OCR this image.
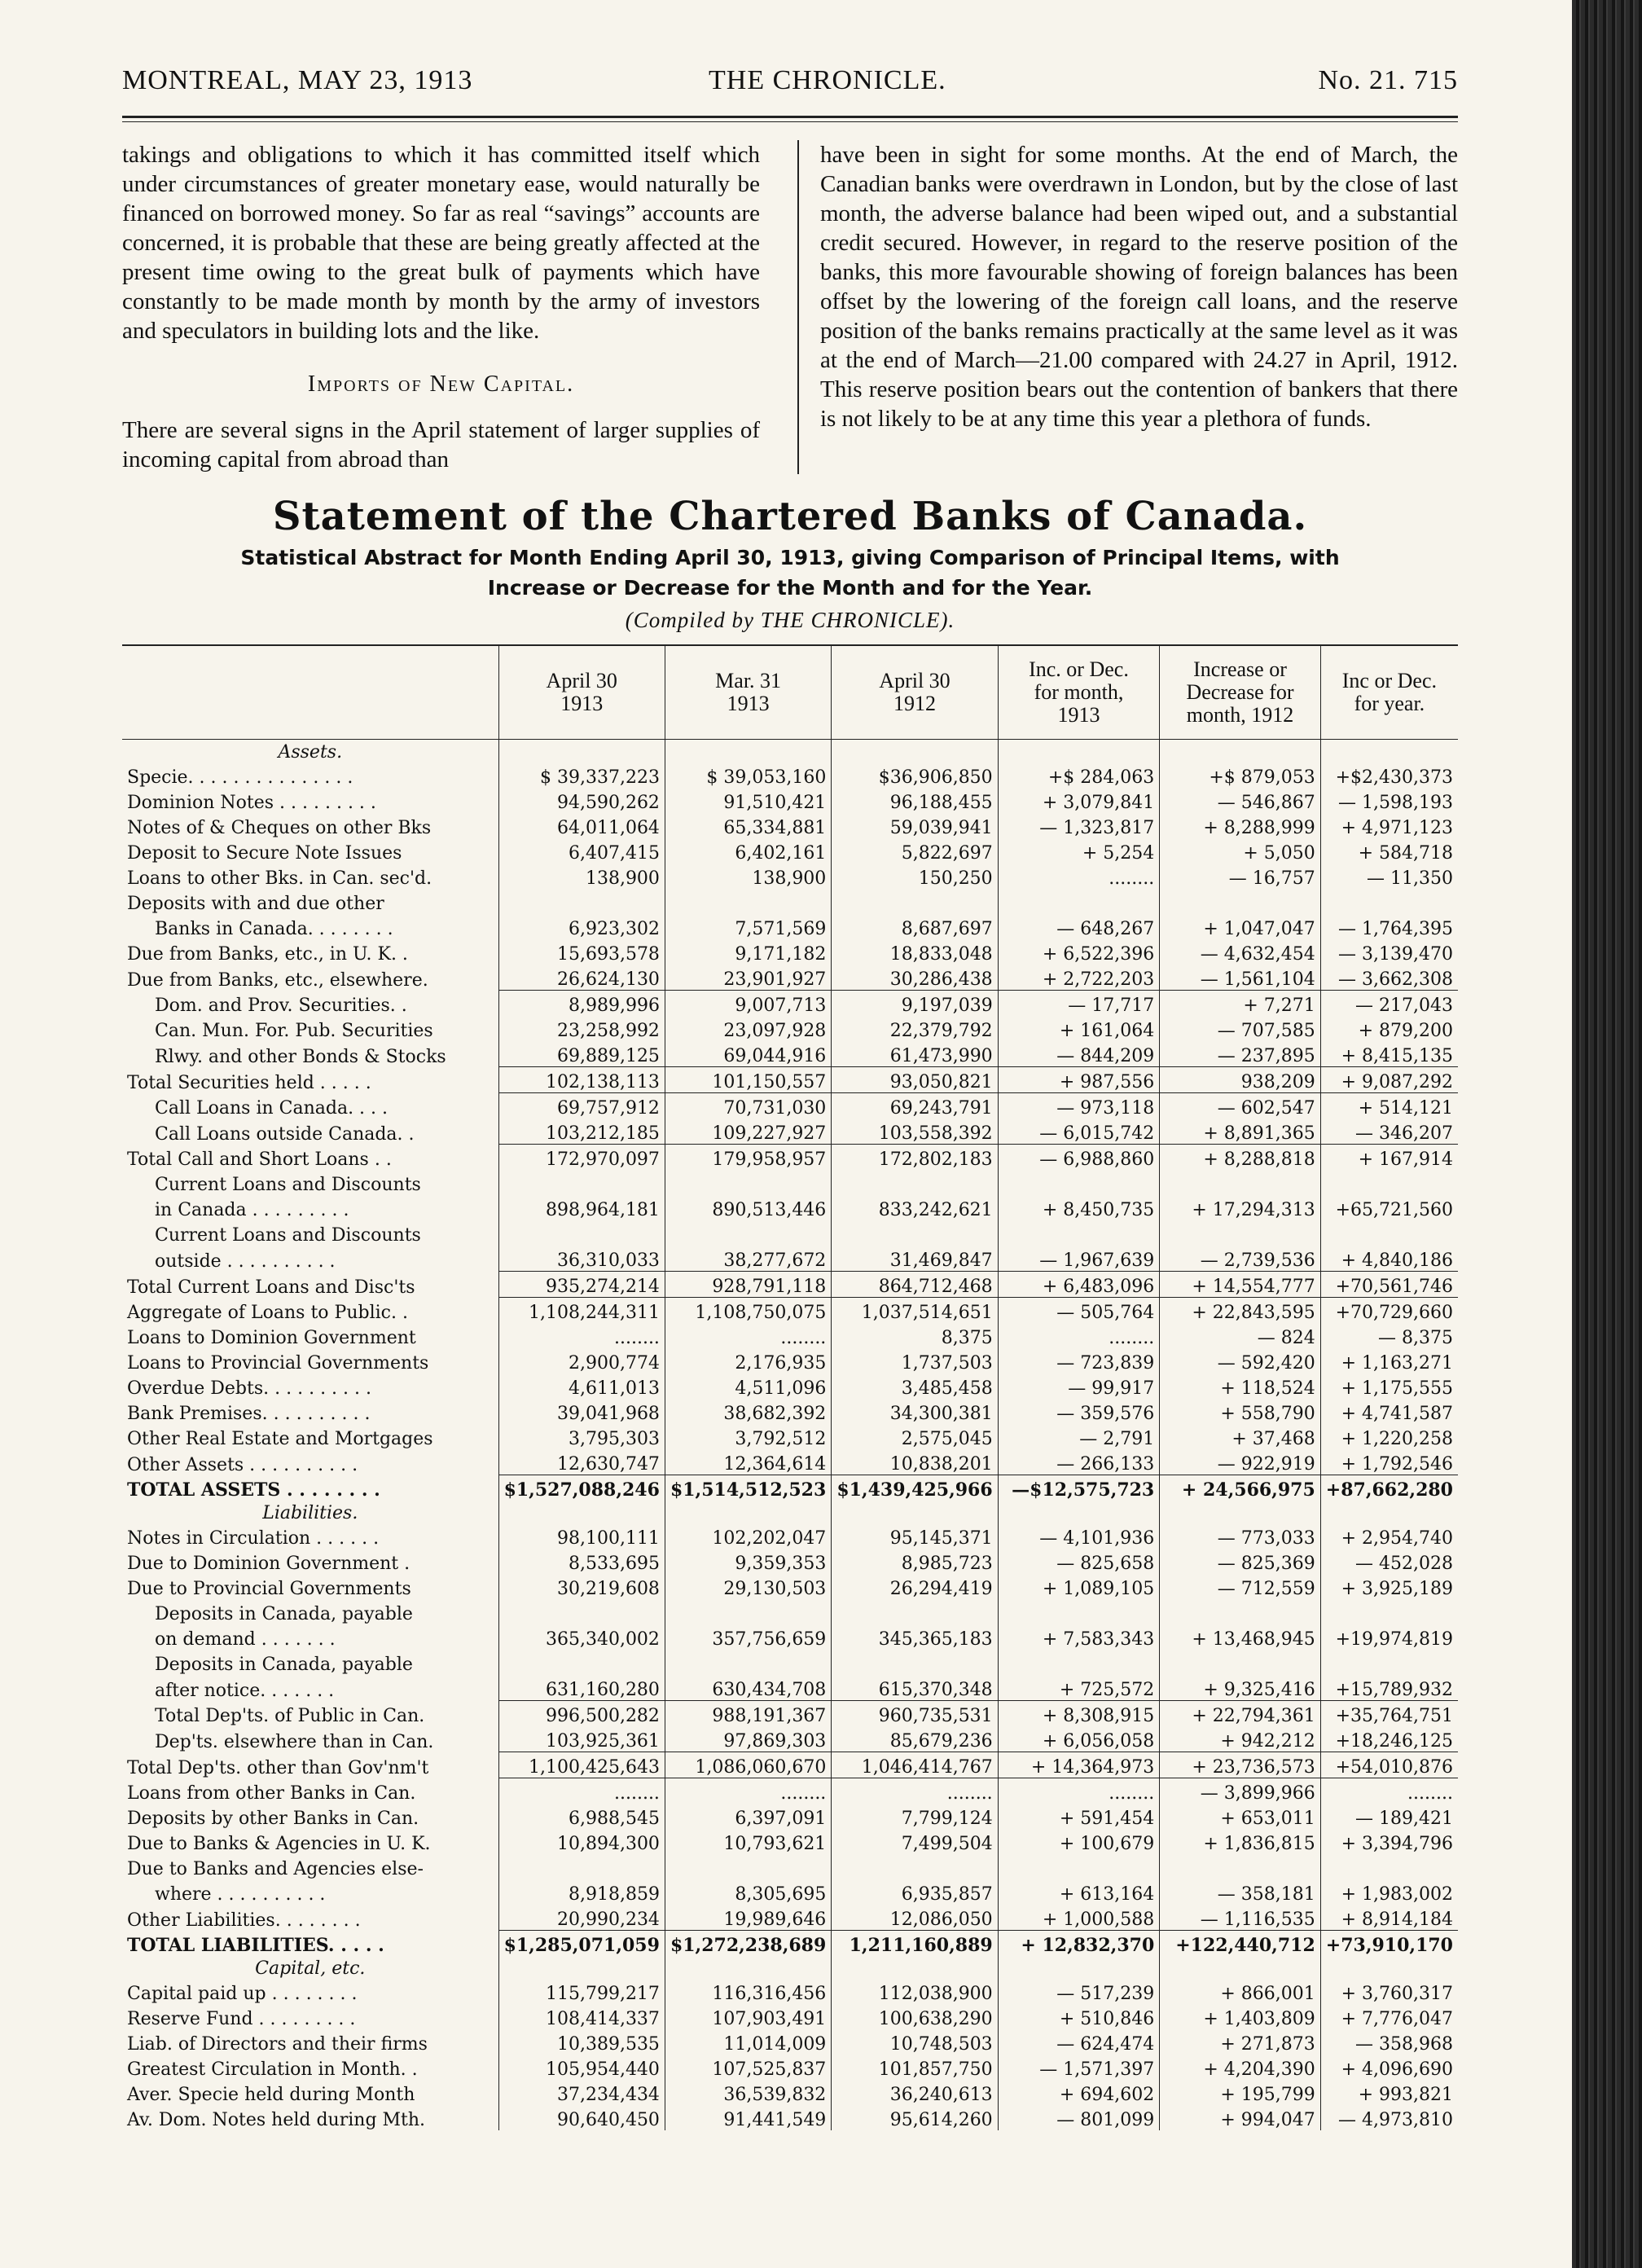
MONTREAL, MAY 23, 1913	THE CHRONICLE.	No. 21. 715

takings and obligations to which it has committed itself which under circumstances of greater monetary ease, would naturally be financed on borrowed money. So far as real “savings” accounts are concerned, it is probable that these are being greatly affected at the present time owing to the great bulk of payments which have constantly to be made month by month by the army of investors and speculators in building lots and the like.

Imports of New Capital.

There are several signs in the April statement of larger supplies of incoming capital from abroad than

have been in sight for some months. At the end of March, the Canadian banks were overdrawn in London, but by the close of last month, the adverse balance had been wiped out, and a substantial credit secured. However, in regard to the reserve position of the banks, this more favourable showing of foreign balances has been offset by the lowering of the foreign call loans, and the reserve position of the banks remains practically at the same level as it was at the end of March—21.00 compared with 24.27 in April, 1912. This reserve position bears out the contention of bankers that there is not likely to be at any time this year a plethora of funds.

Statement of the Chartered Banks of Canada.

Statistical Abstract for Month Ending April 30, 1913, giving Comparison of Principal Items, with

Increase or Decrease for the Month and for the Year.

(Compiled by THE CHRONICLE).

	April 30
1913	Mar. 31
1913	April 30
1912	Inc. or Dec.
for month,
1913	Increase or
Decrease for
month, 1912	Inc or Dec.
for year.
Assets.						
Specie. . . . . . . . . . . . . . .	$ 39,337,223	$ 39,053,160	$36,906,850	+$ 284,063	+$ 879,053	+$2,430,373
Dominion Notes . . . . . . . . .	94,590,262	91,510,421	96,188,455	+ 3,079,841	— 546,867	— 1,598,193
Notes of & Cheques on other Bks	64,011,064	65,334,881	59,039,941	— 1,323,817	+ 8,288,999	+ 4,971,123
Deposit to Secure Note Issues	6,407,415	6,402,161	5,822,697	+ 5,254	+ 5,050	+ 584,718
Loans to other Bks. in Can. sec'd.	138,900	138,900	150,250	........	— 16,757	— 11,350
Deposits with and due other						
Banks in Canada. . . . . . . .	6,923,302	7,571,569	8,687,697	— 648,267	+ 1,047,047	— 1,764,395
Due from Banks, etc., in U. K. .	15,693,578	9,171,182	18,833,048	+ 6,522,396	— 4,632,454	— 3,139,470
Due from Banks, etc., elsewhere.	26,624,130	23,901,927	30,286,438	+ 2,722,203	— 1,561,104	— 3,662,308
Dom. and Prov. Securities. .	8,989,996	9,007,713	9,197,039	— 17,717	+ 7,271	— 217,043
Can. Mun. For. Pub. Securities	23,258,992	23,097,928	22,379,792	+ 161,064	— 707,585	+ 879,200
Rlwy. and other Bonds & Stocks	69,889,125	69,044,916	61,473,990	— 844,209	— 237,895	+ 8,415,135
Total Securities held . . . . .	102,138,113	101,150,557	93,050,821	+ 987,556	938,209	+ 9,087,292
Call Loans in Canada. . . .	69,757,912	70,731,030	69,243,791	— 973,118	— 602,547	+ 514,121
Call Loans outside Canada. .	103,212,185	109,227,927	103,558,392	— 6,015,742	+ 8,891,365	— 346,207
Total Call and Short Loans . .	172,970,097	179,958,957	172,802,183	— 6,988,860	+ 8,288,818	+ 167,914
Current Loans and Discounts						
in Canada . . . . . . . . .	898,964,181	890,513,446	833,242,621	+ 8,450,735	+ 17,294,313	+65,721,560
Current Loans and Discounts						
outside . . . . . . . . . .	36,310,033	38,277,672	31,469,847	— 1,967,639	— 2,739,536	+ 4,840,186
Total Current Loans and Disc'ts	935,274,214	928,791,118	864,712,468	+ 6,483,096	+ 14,554,777	+70,561,746
Aggregate of Loans to Public. .	1,108,244,311	1,108,750,075	1,037,514,651	— 505,764	+ 22,843,595	+70,729,660
Loans to Dominion Government	........	........	8,375	........	— 824	— 8,375
Loans to Provincial Governments	2,900,774	2,176,935	1,737,503	— 723,839	— 592,420	+ 1,163,271
Overdue Debts. . . . . . . . . .	4,611,013	4,511,096	3,485,458	— 99,917	+ 118,524	+ 1,175,555
Bank Premises. . . . . . . . . .	39,041,968	38,682,392	34,300,381	— 359,576	+ 558,790	+ 4,741,587
Other Real Estate and Mortgages	3,795,303	3,792,512	2,575,045	— 2,791	+ 37,468	+ 1,220,258
Other Assets . . . . . . . . . .	12,630,747	12,364,614	10,838,201	— 266,133	— 922,919	+ 1,792,546
TOTAL ASSETS . . . . . . . .	$1,527,088,246	$1,514,512,523	$1,439,425,966	—$12,575,723	+ 24,566,975	+87,662,280
Liabilities.						
Notes in Circulation . . . . . .	98,100,111	102,202,047	95,145,371	— 4,101,936	— 773,033	+ 2,954,740
Due to Dominion Government .	8,533,695	9,359,353	8,985,723	— 825,658	— 825,369	— 452,028
Due to Provincial Governments	30,219,608	29,130,503	26,294,419	+ 1,089,105	— 712,559	+ 3,925,189
Deposits in Canada, payable						
on demand . . . . . . .	365,340,002	357,756,659	345,365,183	+ 7,583,343	+ 13,468,945	+19,974,819
Deposits in Canada, payable						
after notice. . . . . . .	631,160,280	630,434,708	615,370,348	+ 725,572	+ 9,325,416	+15,789,932
Total Dep'ts. of Public in Can.	996,500,282	988,191,367	960,735,531	+ 8,308,915	+ 22,794,361	+35,764,751
Dep'ts. elsewhere than in Can.	103,925,361	97,869,303	85,679,236	+ 6,056,058	+ 942,212	+18,246,125
Total Dep'ts. other than Gov'nm't	1,100,425,643	1,086,060,670	1,046,414,767	+ 14,364,973	+ 23,736,573	+54,010,876
Loans from other Banks in Can.	........	........	........	........	— 3,899,966	........
Deposits by other Banks in Can.	6,988,545	6,397,091	7,799,124	+ 591,454	+ 653,011	— 189,421
Due to Banks & Agencies in U. K.	10,894,300	10,793,621	7,499,504	+ 100,679	+ 1,836,815	+ 3,394,796
Due to Banks and Agencies else-						
where . . . . . . . . . .	8,918,859	8,305,695	6,935,857	+ 613,164	— 358,181	+ 1,983,002
Other Liabilities. . . . . . . .	20,990,234	19,989,646	12,086,050	+ 1,000,588	— 1,116,535	+ 8,914,184
TOTAL LIABILITIES. . . . .	$1,285,071,059	$1,272,238,689	1,211,160,889	+ 12,832,370	+122,440,712	+73,910,170
Capital, etc.						
Capital paid up . . . . . . . .	115,799,217	116,316,456	112,038,900	— 517,239	+ 866,001	+ 3,760,317
Reserve Fund . . . . . . . . .	108,414,337	107,903,491	100,638,290	+ 510,846	+ 1,403,809	+ 7,776,047
Liab. of Directors and their firms	10,389,535	11,014,009	10,748,503	— 624,474	+ 271,873	— 358,968
Greatest Circulation in Month. .	105,954,440	107,525,837	101,857,750	— 1,571,397	+ 4,204,390	+ 4,096,690
Aver. Specie held during Month	37,234,434	36,539,832	36,240,613	+ 694,602	+ 195,799	+ 993,821
Av. Dom. Notes held during Mth.	90,640,450	91,441,549	95,614,260	— 801,099	+ 994,047	— 4,973,810
